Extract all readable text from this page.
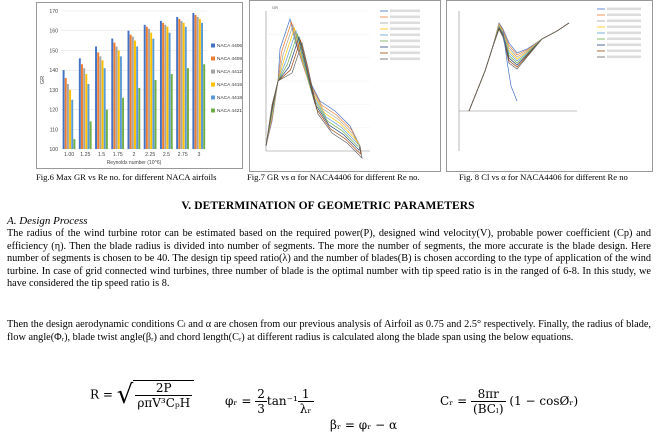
100
110
120
130
140
150
160
170
GR
1.00 1.25 1.5 1.75 2 2.25 2.5 2.75 3
Reynolds number (10^6)
NACA 4406
NACA 4409
NACA 4412
NACA 4415
NACA 4418
NACA 4421
Fig.6 Max GR vs Re no. for different NACA airfoils
GR
Fig.7 GR vs α for NACA4406 for different Re no.	Fig. 8 Cl vs α for NACA4406 for different Re no
V. DETERMINATION OF GEOMETRIC PARAMETERS
A. Design Process
The radius of the wind turbine rotor can be estimated based on the required power(P), designed wind velocity(V), probable power coefficient (Cp) and efficiency (η). Then the blade radius is divided into number of segments. The more the number of segments, the more accurate is the blade design. Here number of segments is chosen to be 40. The design tip speed ratio(λ) and the number of blades(B) is chosen according to the type of application of the wind turbine. In case of grid connected wind turbines, three number of blade is the optimal number with tip speed ratio is in the ranged of 6-8. In this study, we have considered the tip speed ratio is 8.
Then the design aerodynamic conditions Cₗ and α are chosen from our previous analysis of Airfoil as 0.75 and 2.5° respectively. Finally, the radius of blade, flow angle(Φᵣ), blade twist angle(βᵣ) and chord length(Cᵣ) at different radius is calculated along the blade span using the below equations.
R = √ $\frac{2P}{\text{ρπV³CₚΗ}}$	φᵣ = $\frac{2}{3} \tan^{-1} \frac{1}{\text{λᵣ}}$
βᵣ = φᵣ − α
Cᵣ = $\frac{8\pi r}{\text{(BCₗ)}} (1$ − cosØᵣ)
